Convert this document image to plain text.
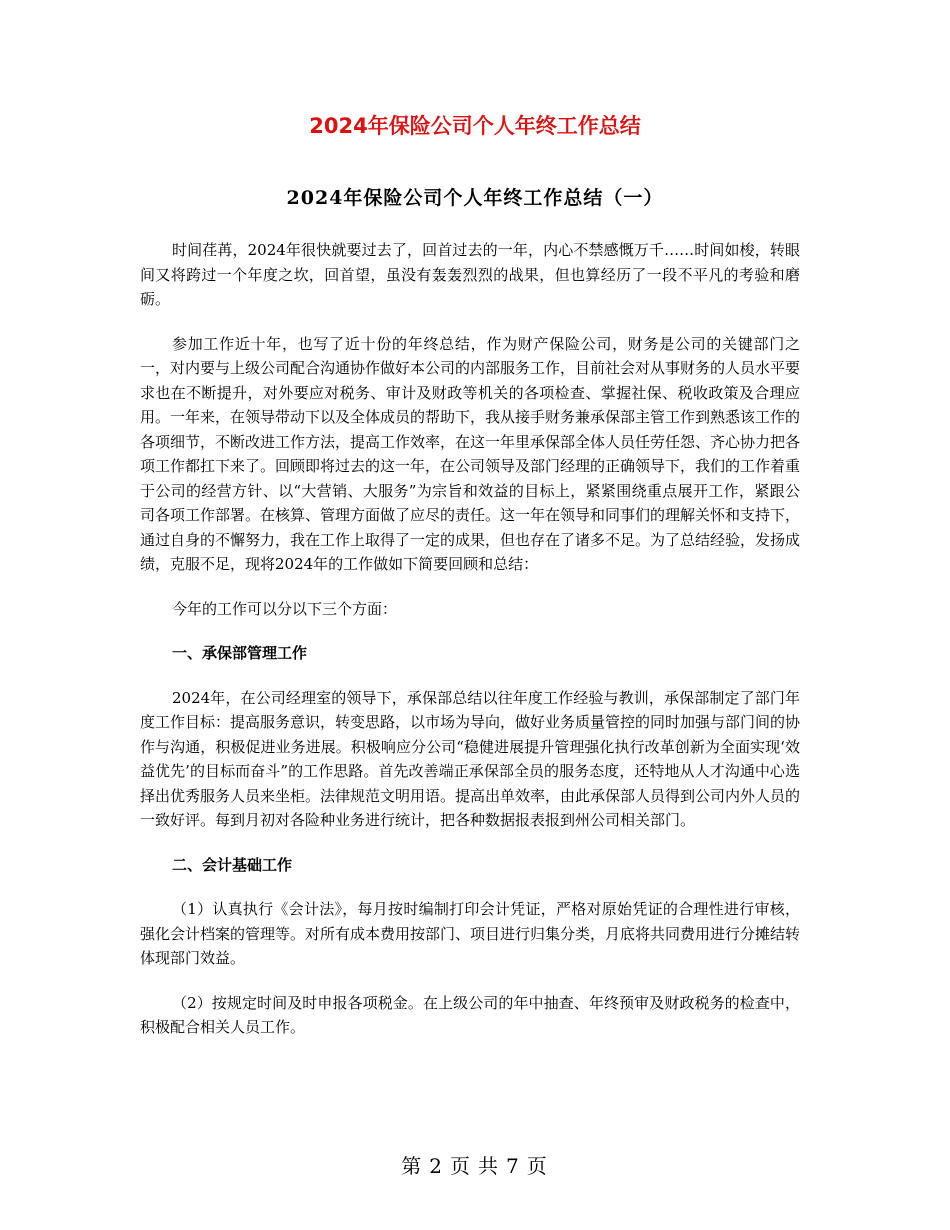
2024年保险公司个人年终工作总结
2024年保险公司个人年终工作总结（一）

时间荏苒，2024年很快就要过去了，回首过去的一年，内心不禁感慨万千……时间如梭，转眼间又将跨过一个年度之坎，回首望，虽没有轰轰烈烈的战果，但也算经历了一段不平凡的考验和磨砺。

参加工作近十年，也写了近十份的年终总结，作为财产保险公司，财务是公司的关键部门之一，对内要与上级公司配合沟通协作做好本公司的内部服务工作，目前社会对从事财务的人员水平要求也在不断提升，对外要应对税务、审计及财政等机关的各项检查、掌握社保、税收政策及合理应用。一年来，在领导带动下以及全体成员的帮助下，我从接手财务兼承保部主管工作到熟悉该工作的各项细节，不断改进工作方法，提高工作效率，在这一年里承保部全体人员任劳任怨、齐心协力把各项工作都扛下来了。回顾即将过去的这一年，在公司领导及部门经理的正确领导下，我们的工作着重于公司的经营方针、以“大营销、大服务”为宗旨和效益的目标上，紧紧围绕重点展开工作，紧跟公司各项工作部署。在核算、管理方面做了应尽的责任。这一年在领导和同事们的理解关怀和支持下，通过自身的不懈努力，我在工作上取得了一定的成果，但也存在了诸多不足。为了总结经验，发扬成绩，克服不足，现将2024年的工作做如下简要回顾和总结：

今年的工作可以分以下三个方面：

一、承保部管理工作

2024年，在公司经理室的领导下，承保部总结以往年度工作经验与教训，承保部制定了部门年度工作目标：提高服务意识，转变思路，以市场为导向，做好业务质量管控的同时加强与部门间的协作与沟通，积极促进业务进展。积极响应分公司“稳健进展提升管理强化执行改革创新为全面实现‘效益优先’的目标而奋斗”的工作思路。首先改善端正承保部全员的服务态度，还特地从人才沟通中心选择出优秀服务人员来坐柜。法律规范文明用语。提高出单效率，由此承保部人员得到公司内外人员的一致好评。每到月初对各险种业务进行统计，把各种数据报表报到州公司相关部门。

二、会计基础工作

（1）认真执行《会计法》，每月按时编制打印会计凭证，严格对原始凭证的合理性进行审核，强化会计档案的管理等。对所有成本费用按部门、项目进行归集分类，月底将共同费用进行分摊结转体现部门效益。

（2）按规定时间及时申报各项税金。在上级公司的年中抽查、年终预审及财政税务的检查中，积极配合相关人员工作。

第 2 页 共 7 页
